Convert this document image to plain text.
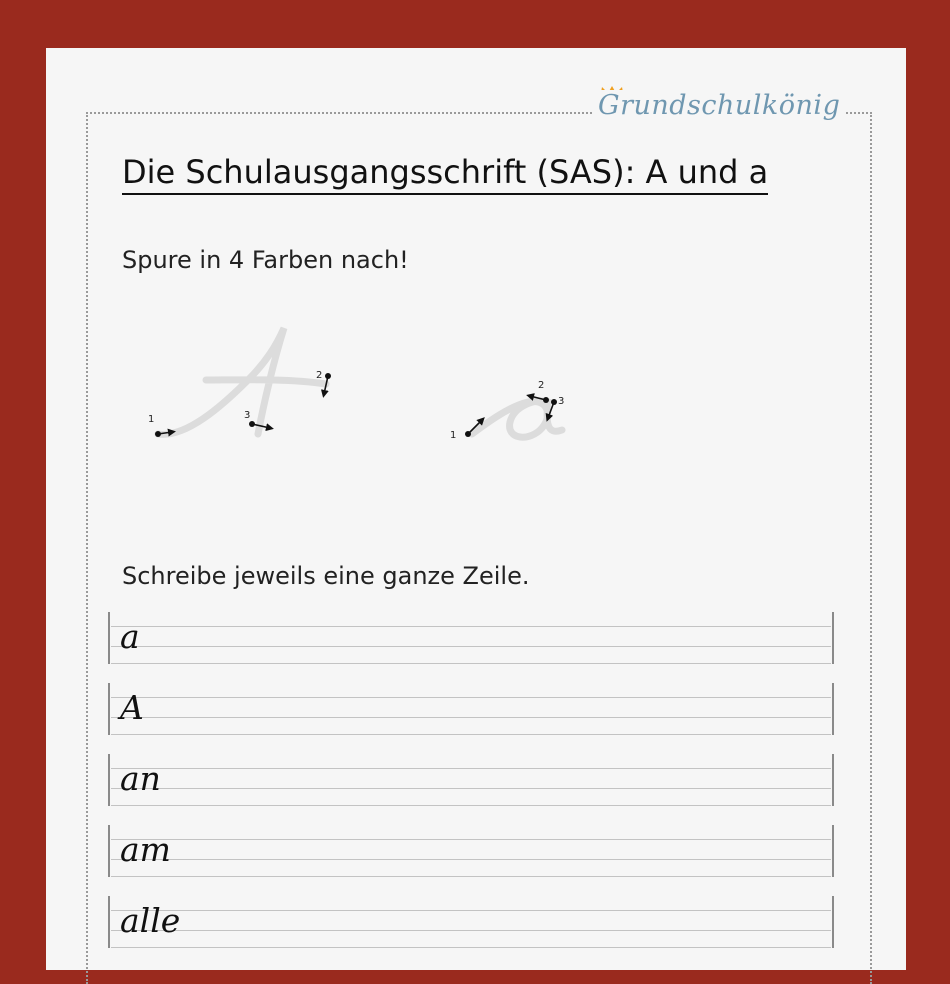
Grundschulkönig
Die Schulausgangsschrift (SAS): A und a

Spure in 4 Farben nach!

1
2
3
1
2
3

Schreibe jeweils eine ganze Zeile.

a
A
an
am
alle
